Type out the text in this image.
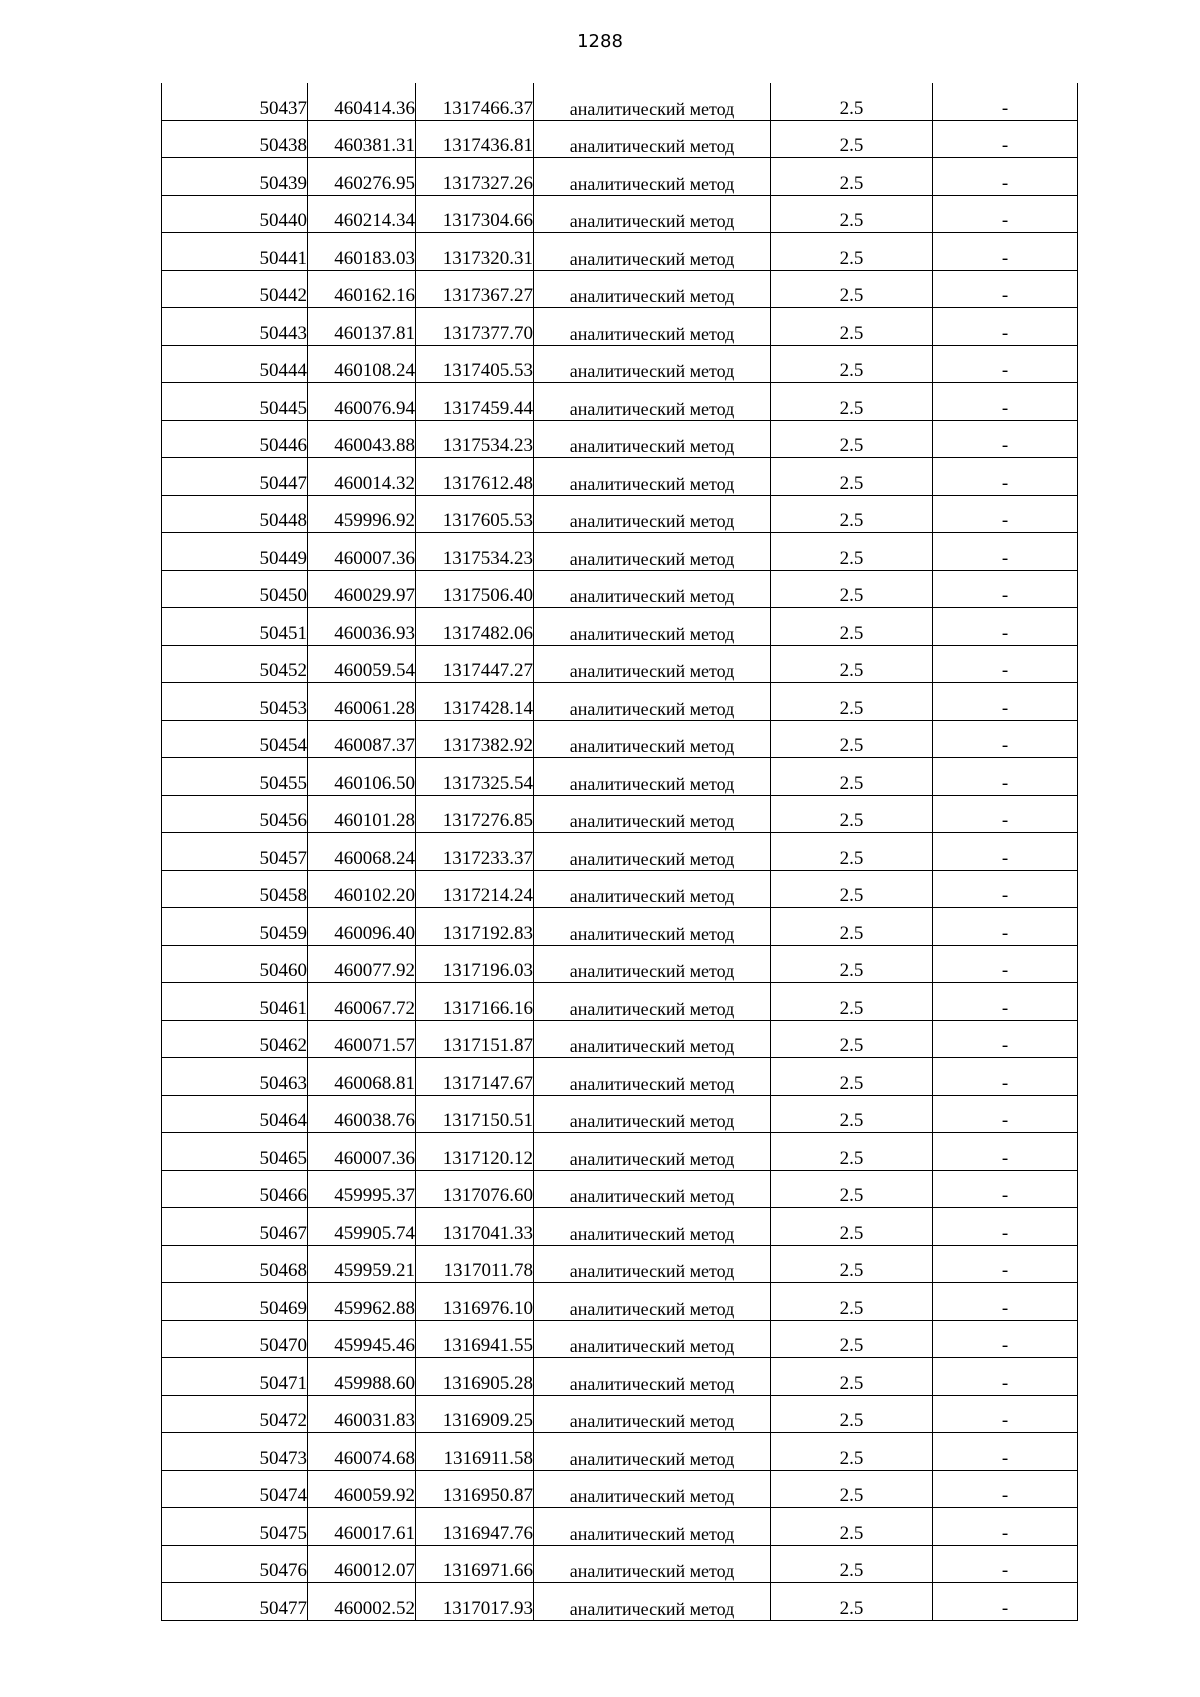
1288
50437	460414.36	1317466.37	аналитический метод	2.5	-
50438	460381.31	1317436.81	аналитический метод	2.5	-
50439	460276.95	1317327.26	аналитический метод	2.5	-
50440	460214.34	1317304.66	аналитический метод	2.5	-
50441	460183.03	1317320.31	аналитический метод	2.5	-
50442	460162.16	1317367.27	аналитический метод	2.5	-
50443	460137.81	1317377.70	аналитический метод	2.5	-
50444	460108.24	1317405.53	аналитический метод	2.5	-
50445	460076.94	1317459.44	аналитический метод	2.5	-
50446	460043.88	1317534.23	аналитический метод	2.5	-
50447	460014.32	1317612.48	аналитический метод	2.5	-
50448	459996.92	1317605.53	аналитический метод	2.5	-
50449	460007.36	1317534.23	аналитический метод	2.5	-
50450	460029.97	1317506.40	аналитический метод	2.5	-
50451	460036.93	1317482.06	аналитический метод	2.5	-
50452	460059.54	1317447.27	аналитический метод	2.5	-
50453	460061.28	1317428.14	аналитический метод	2.5	-
50454	460087.37	1317382.92	аналитический метод	2.5	-
50455	460106.50	1317325.54	аналитический метод	2.5	-
50456	460101.28	1317276.85	аналитический метод	2.5	-
50457	460068.24	1317233.37	аналитический метод	2.5	-
50458	460102.20	1317214.24	аналитический метод	2.5	-
50459	460096.40	1317192.83	аналитический метод	2.5	-
50460	460077.92	1317196.03	аналитический метод	2.5	-
50461	460067.72	1317166.16	аналитический метод	2.5	-
50462	460071.57	1317151.87	аналитический метод	2.5	-
50463	460068.81	1317147.67	аналитический метод	2.5	-
50464	460038.76	1317150.51	аналитический метод	2.5	-
50465	460007.36	1317120.12	аналитический метод	2.5	-
50466	459995.37	1317076.60	аналитический метод	2.5	-
50467	459905.74	1317041.33	аналитический метод	2.5	-
50468	459959.21	1317011.78	аналитический метод	2.5	-
50469	459962.88	1316976.10	аналитический метод	2.5	-
50470	459945.46	1316941.55	аналитический метод	2.5	-
50471	459988.60	1316905.28	аналитический метод	2.5	-
50472	460031.83	1316909.25	аналитический метод	2.5	-
50473	460074.68	1316911.58	аналитический метод	2.5	-
50474	460059.92	1316950.87	аналитический метод	2.5	-
50475	460017.61	1316947.76	аналитический метод	2.5	-
50476	460012.07	1316971.66	аналитический метод	2.5	-
50477	460002.52	1317017.93	аналитический метод	2.5	-
